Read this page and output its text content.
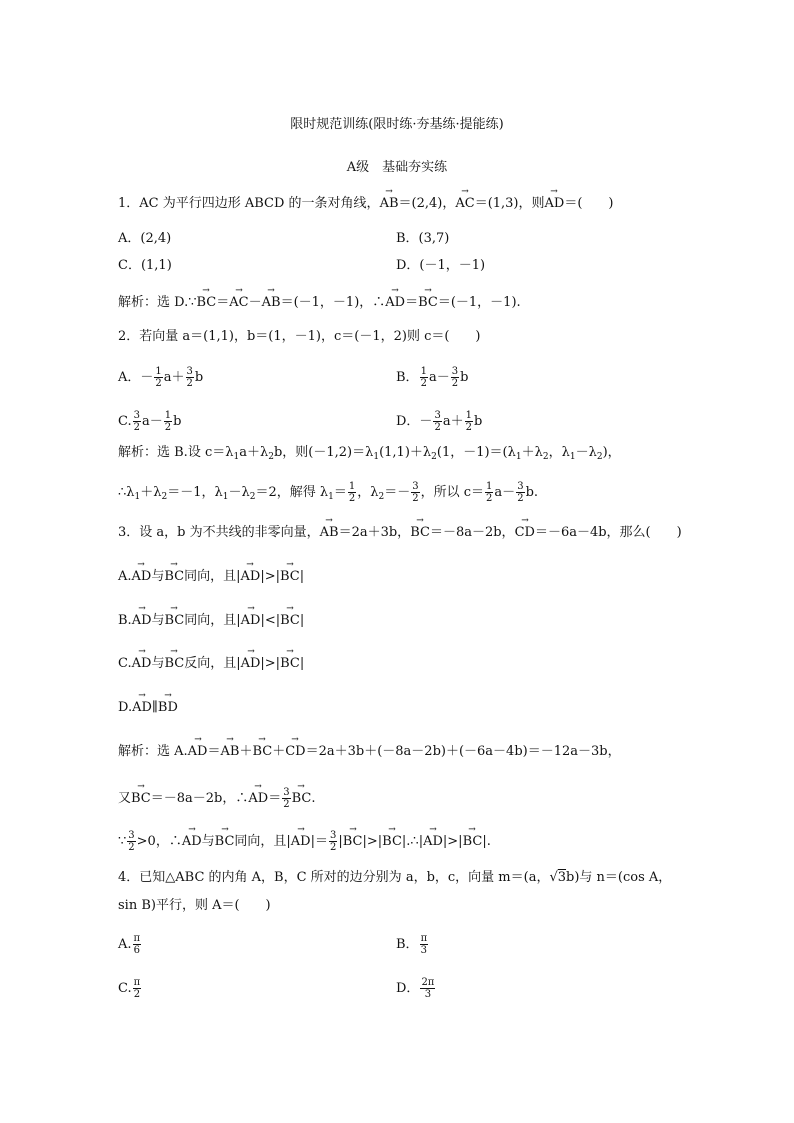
限时规范训练(限时练·夯基练·提能练)
A级　基础夯实练
1．AC 为平行四边形 ABCD 的一条对角线，→ AB＝(2,4)，→ AC＝(1,3)，则→ AD＝(　　)
A．(2,4)	B．(3,7)
C．(1,1)	D．(－1，－1)
解析：选 D.∵→ BC＝→ AC－→ AB＝(－1，－1)，∴→ AD＝→ BC＝(－1，－1).
2．若向量 a＝(1,1)，b＝(1，－1)，c＝(－1，2)则 c＝(　　)
A．－ $\frac{1}{2} a+ \frac{3}{2}$ b	B． $\frac{1}{2} a- \frac{3}{2}$ b
C. $\frac{3}{2} a- \frac{1}{2}$ b	D．－ $\frac{3}{2} a+ \frac{1}{2}$ b
解析：选 B.设 $c=\lambda_1a+\lambda_2b$，则$(-1,2)=\lambda_1(1,1)+\lambda_2(1$，$-1)=(\lambda_1+\lambda_2$，$\lambda_1-\lambda_2$)，
$\therefore\lambda_1+\lambda_2=-1$，$\lambda_1-\lambda_2=2$，解得 $\lambda_1= \frac{1}{2}$ ，$\lambda_2=- \frac{3}{2}$ ，所以 $c= \frac{1}{2} a- \frac{3}{2} b$.
3．设 a，b 为不共线的非零向量，→ AB＝2a＋3b，→ BC＝－8a－2b，→ CD＝－6a－4b，那么(　　)
A.→ AD与→ BC同向，且|→ AD|>|→ BC|
B.→ AD与→ BC同向，且|→ AD|<|→ BC|
C.→ AD与→ BC反向，且|→ AD|>|→ BC|
D.→ AD∥→ BD
解析：选 A.→ AD＝→ AB＋→ BC＋→ CD＝2a＋3b＋(－8a－2b)＋(－6a－4b)＝－12a－3b，
又→ BC＝－8a－2b，∴→ $AD= \frac{3}{2}$ → BC.
∵ $\frac{3}{2} >0$，∴→ AD与→ BC同向，且|→ $AD|= \frac{3}{2}$ |→ BC|>|→ BC|.∴|→ AD|>|→ BC|.
4．已知△ABC 的内角 A，B，C 所对的边分别为 a，b，c，向量 m＝(a，√3b)与 n＝(cos A，
sin B)平行，则 A＝(　　)
A. $\frac{\pi}{6}$	B． $\frac{\pi}{3}$
C. $\frac{\pi}{2}$	D． $\frac{2\pi}{3}$
